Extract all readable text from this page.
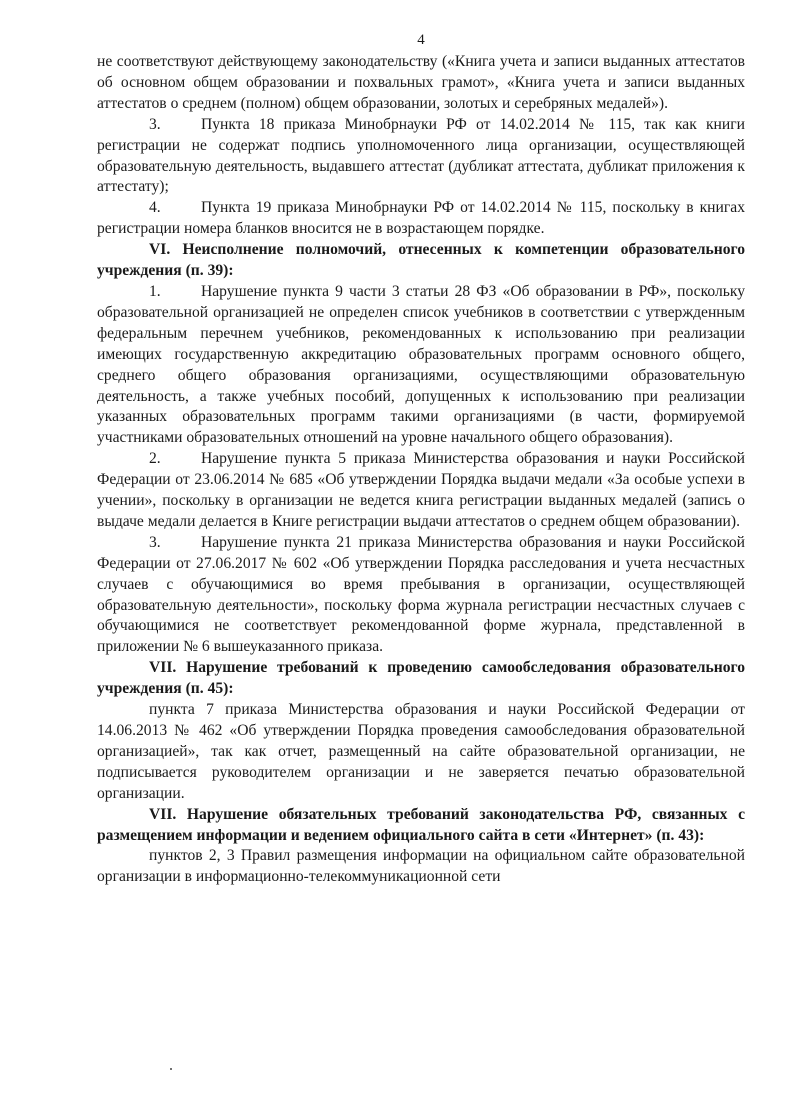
4

не соответствуют действующему законодательству («Книга учета и записи выданных аттестатов об основном общем образовании и похвальных грамот», «Книга учета и записи выданных аттестатов о среднем (полном) общем образовании, золотых и серебряных медалей»).

3.	Пункта 18 приказа Минобрнауки РФ от 14.02.2014 № 115, так как книги регистрации не содержат подпись уполномоченного лица организации, осуществляющей образовательную деятельность, выдавшего аттестат (дубликат аттестата, дубликат приложения к аттестату);

4.	Пункта 19 приказа Минобрнауки РФ от 14.02.2014 № 115, поскольку в книгах регистрации номера бланков вносится не в возрастающем порядке.

VI. Неисполнение полномочий, отнесенных к компетенции образовательного учреждения (п. 39):

1.	Нарушение пункта 9 части 3 статьи 28 ФЗ «Об образовании в РФ», поскольку образовательной организацией не определен список учебников в соответствии с утвержденным федеральным перечнем учебников, рекомендованных к использованию при реализации имеющих государственную аккредитацию образовательных программ основного общего, среднего общего образования организациями, осуществляющими образовательную деятельность, а также учебных пособий, допущенных к использованию при реализации указанных образовательных программ такими организациями (в части, формируемой участниками образовательных отношений на уровне начального общего образования).

2.	Нарушение пункта 5 приказа Министерства образования и науки Российской Федерации от 23.06.2014 № 685 «Об утверждении Порядка выдачи медали «За особые успехи в учении», поскольку в организации не ведется книга регистрации выданных медалей (запись о выдаче медали делается в Книге регистрации выдачи аттестатов о среднем общем образовании).

3.	Нарушение пункта 21 приказа Министерства образования и науки Российской Федерации от 27.06.2017 № 602 «Об утверждении Порядка расследования и учета несчастных случаев с обучающимися во время пребывания в организации, осуществляющей образовательную деятельности», поскольку форма журнала регистрации несчастных случаев с обучающимися не соответствует рекомендованной форме журнала, представленной в приложении № 6 вышеуказанного приказа.

VII. Нарушение требований к проведению самообследования образовательного учреждения (п. 45):

пункта 7 приказа Министерства образования и науки Российской Федерации от 14.06.2013 № 462 «Об утверждении Порядка проведения самообследования образовательной организацией», так как отчет, размещенный на сайте образовательной организации, не подписывается руководителем организации и не заверяется печатью образовательной организации.

VII. Нарушение обязательных требований законодательства РФ, связанных с размещением информации и ведением официального сайта в сети «Интернет» (п. 43):

пунктов 2, 3 Правил размещения информации на официальном сайте образовательной организации в информационно-телекоммуникационной сети
